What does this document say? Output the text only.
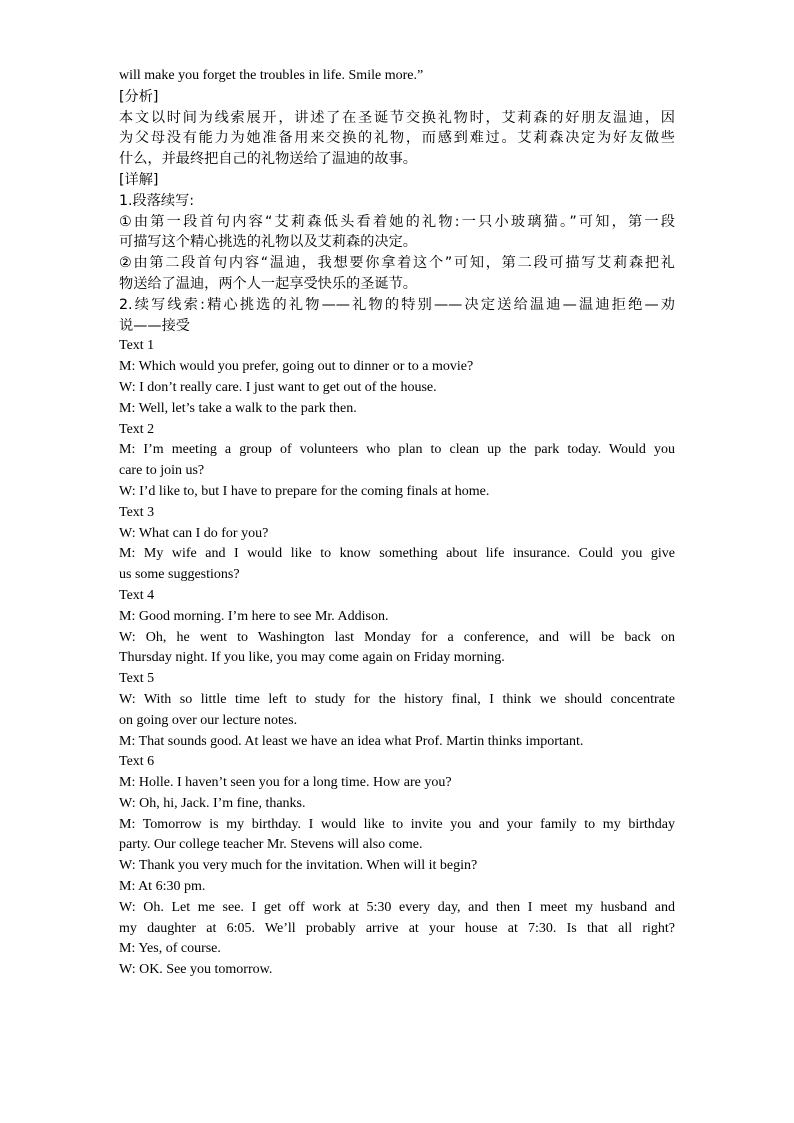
will make you forget the troubles in life. Smile more.”
[分析]
本文以时间为线索展开，讲述了在圣诞节交换礼物时，艾莉森的好朋友温迪，因
为父母没有能力为她准备用来交换的礼物，而感到难过。艾莉森决定为好友做些
什么，并最终把自己的礼物送给了温迪的故事。
[详解]
1.段落续写:
①由第一段首句内容“艾莉森低头看着她的礼物:一只小玻璃猫。”可知，第一段
可描写这个精心挑选的礼物以及艾莉森的决定。
②由第二段首句内容“温迪，我想要你拿着这个”可知，第二段可描写艾莉森把礼
物送给了温迪，两个人一起享受快乐的圣诞节。
2.续写线索:精心挑选的礼物——礼物的特别——决定送给温迪—温迪拒绝—劝
说——接受
Text 1
M: Which would you prefer, going out to dinner or to a movie?
W: I don’t really care. I just want to get out of the house.
M: Well, let’s take a walk to the park then.
Text 2
M: I’m meeting a group of volunteers who plan to clean up the park today. Would you
care to join us?
W: I’d like to, but I have to prepare for the coming finals at home.
Text 3
W: What can I do for you?
M: My wife and I would like to know something about life insurance. Could you give
us some suggestions?
Text 4
M: Good morning. I’m here to see Mr. Addison.
W: Oh, he went to Washington last Monday for a conference, and will be back on
Thursday night. If you like, you may come again on Friday morning.
Text 5
W: With so little time left to study for the history final, I think we should concentrate
on going over our lecture notes.
M: That sounds good. At least we have an idea what Prof. Martin thinks important.
Text 6
M: Holle. I haven’t seen you for a long time. How are you?
W: Oh, hi, Jack. I’m fine, thanks.
M: Tomorrow is my birthday. I would like to invite you and your family to my birthday
party. Our college teacher Mr. Stevens will also come.
W: Thank you very much for the invitation. When will it begin?
M: At 6:30 pm.
W: Oh. Let me see. I get off work at 5:30 every day, and then I meet my husband and
my daughter at 6:05. We’ll probably arrive at your house at 7:30. Is that all right?
M: Yes, of course.
W: OK. See you tomorrow.
